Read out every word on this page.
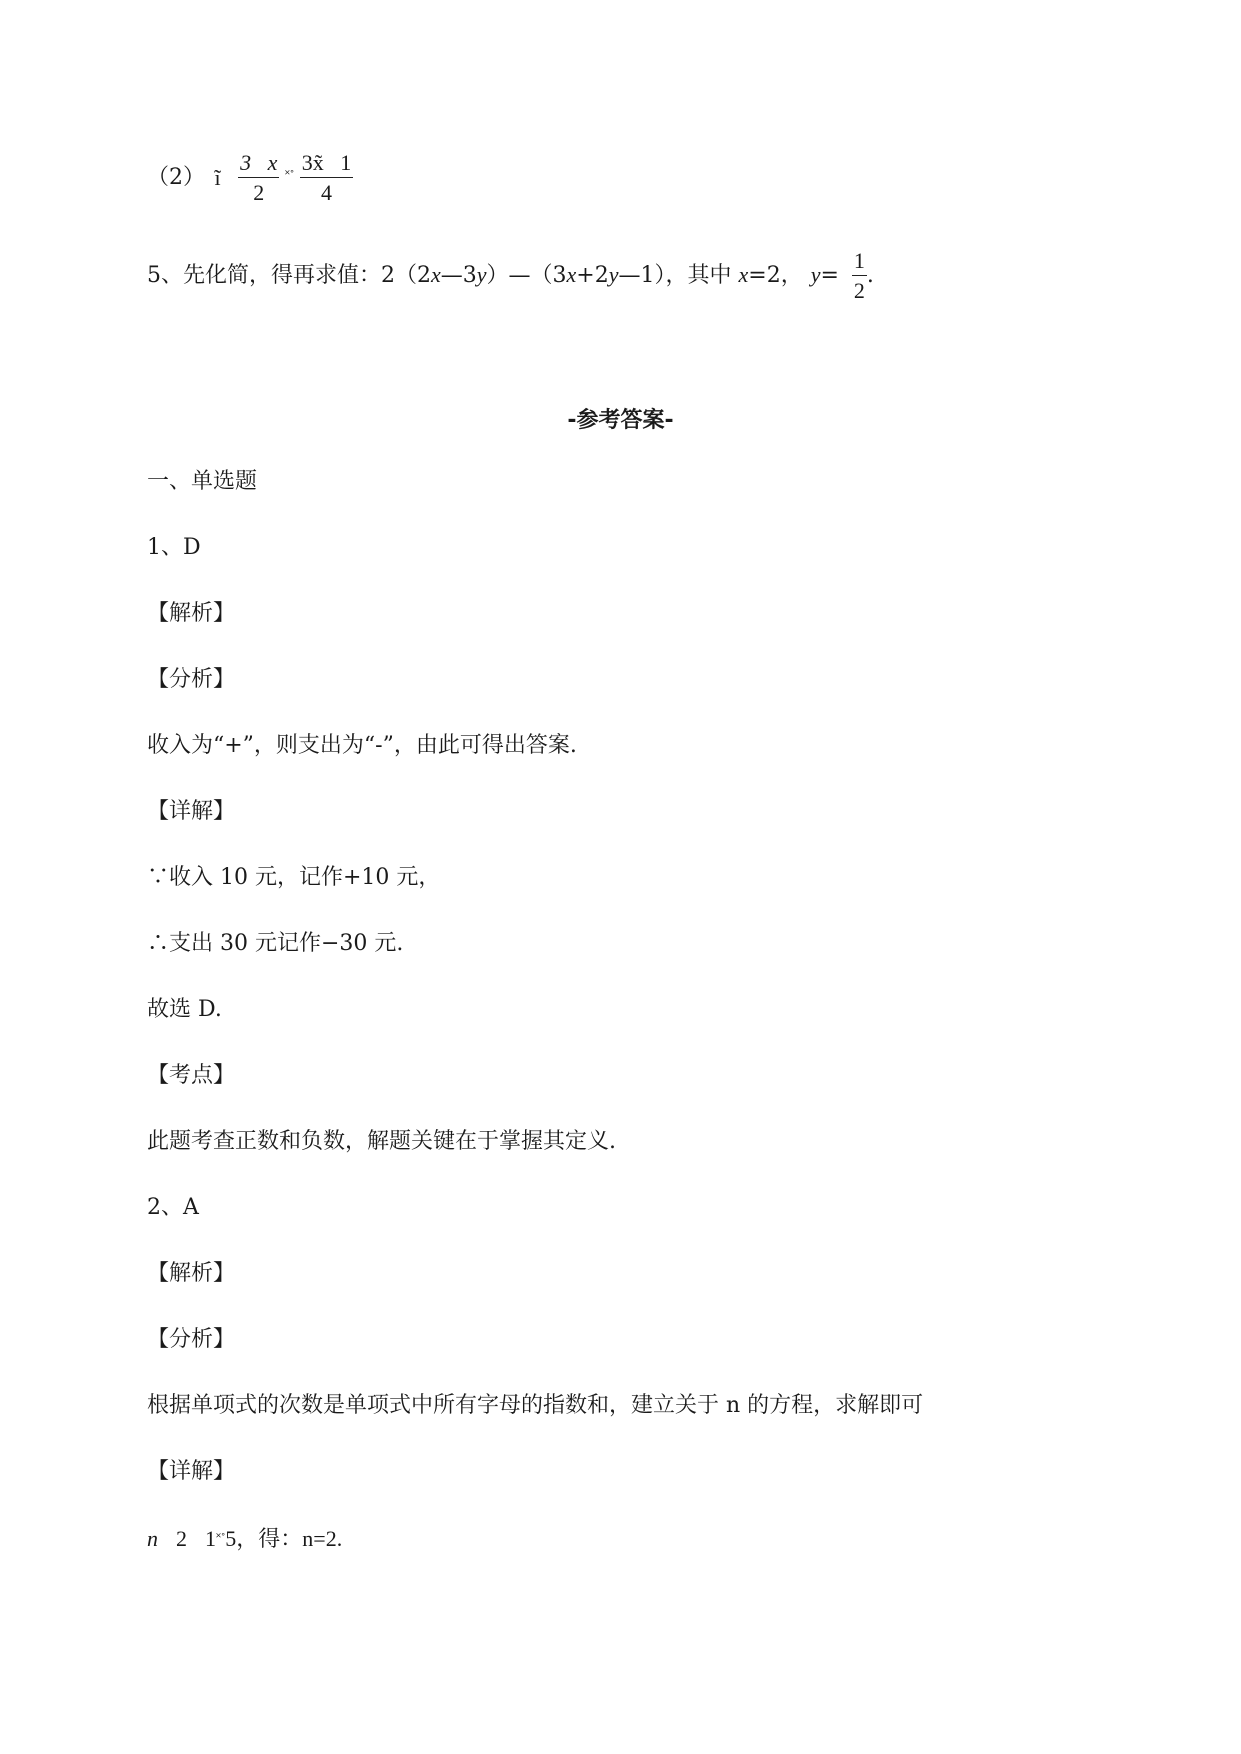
（2） ĩ $\frac{3 x}{2}$ ˟˚ $\frac{3x̃ 1}{4}$
5、先化简，得再求值：2（2x—3y）—（3x+2y—1），其中 x=2， $y= \frac{1}{2}$ .
-参考答案-
一、单选题
1、D
【解析】
【分析】
收入为“+”，则支出为“-”，由此可得出答案.
【详解】
∵收入 10 元，记作+10 元，
∴支出 30 元记作−30 元.
故选 D.
【考点】
此题考查正数和负数，解题关键在于掌握其定义.
2、A
【解析】
【分析】
根据单项式的次数是单项式中所有字母的指数和，建立关于 n 的方程，求解即可
【详解】
n 2 1˟˚5，得：n=2.
